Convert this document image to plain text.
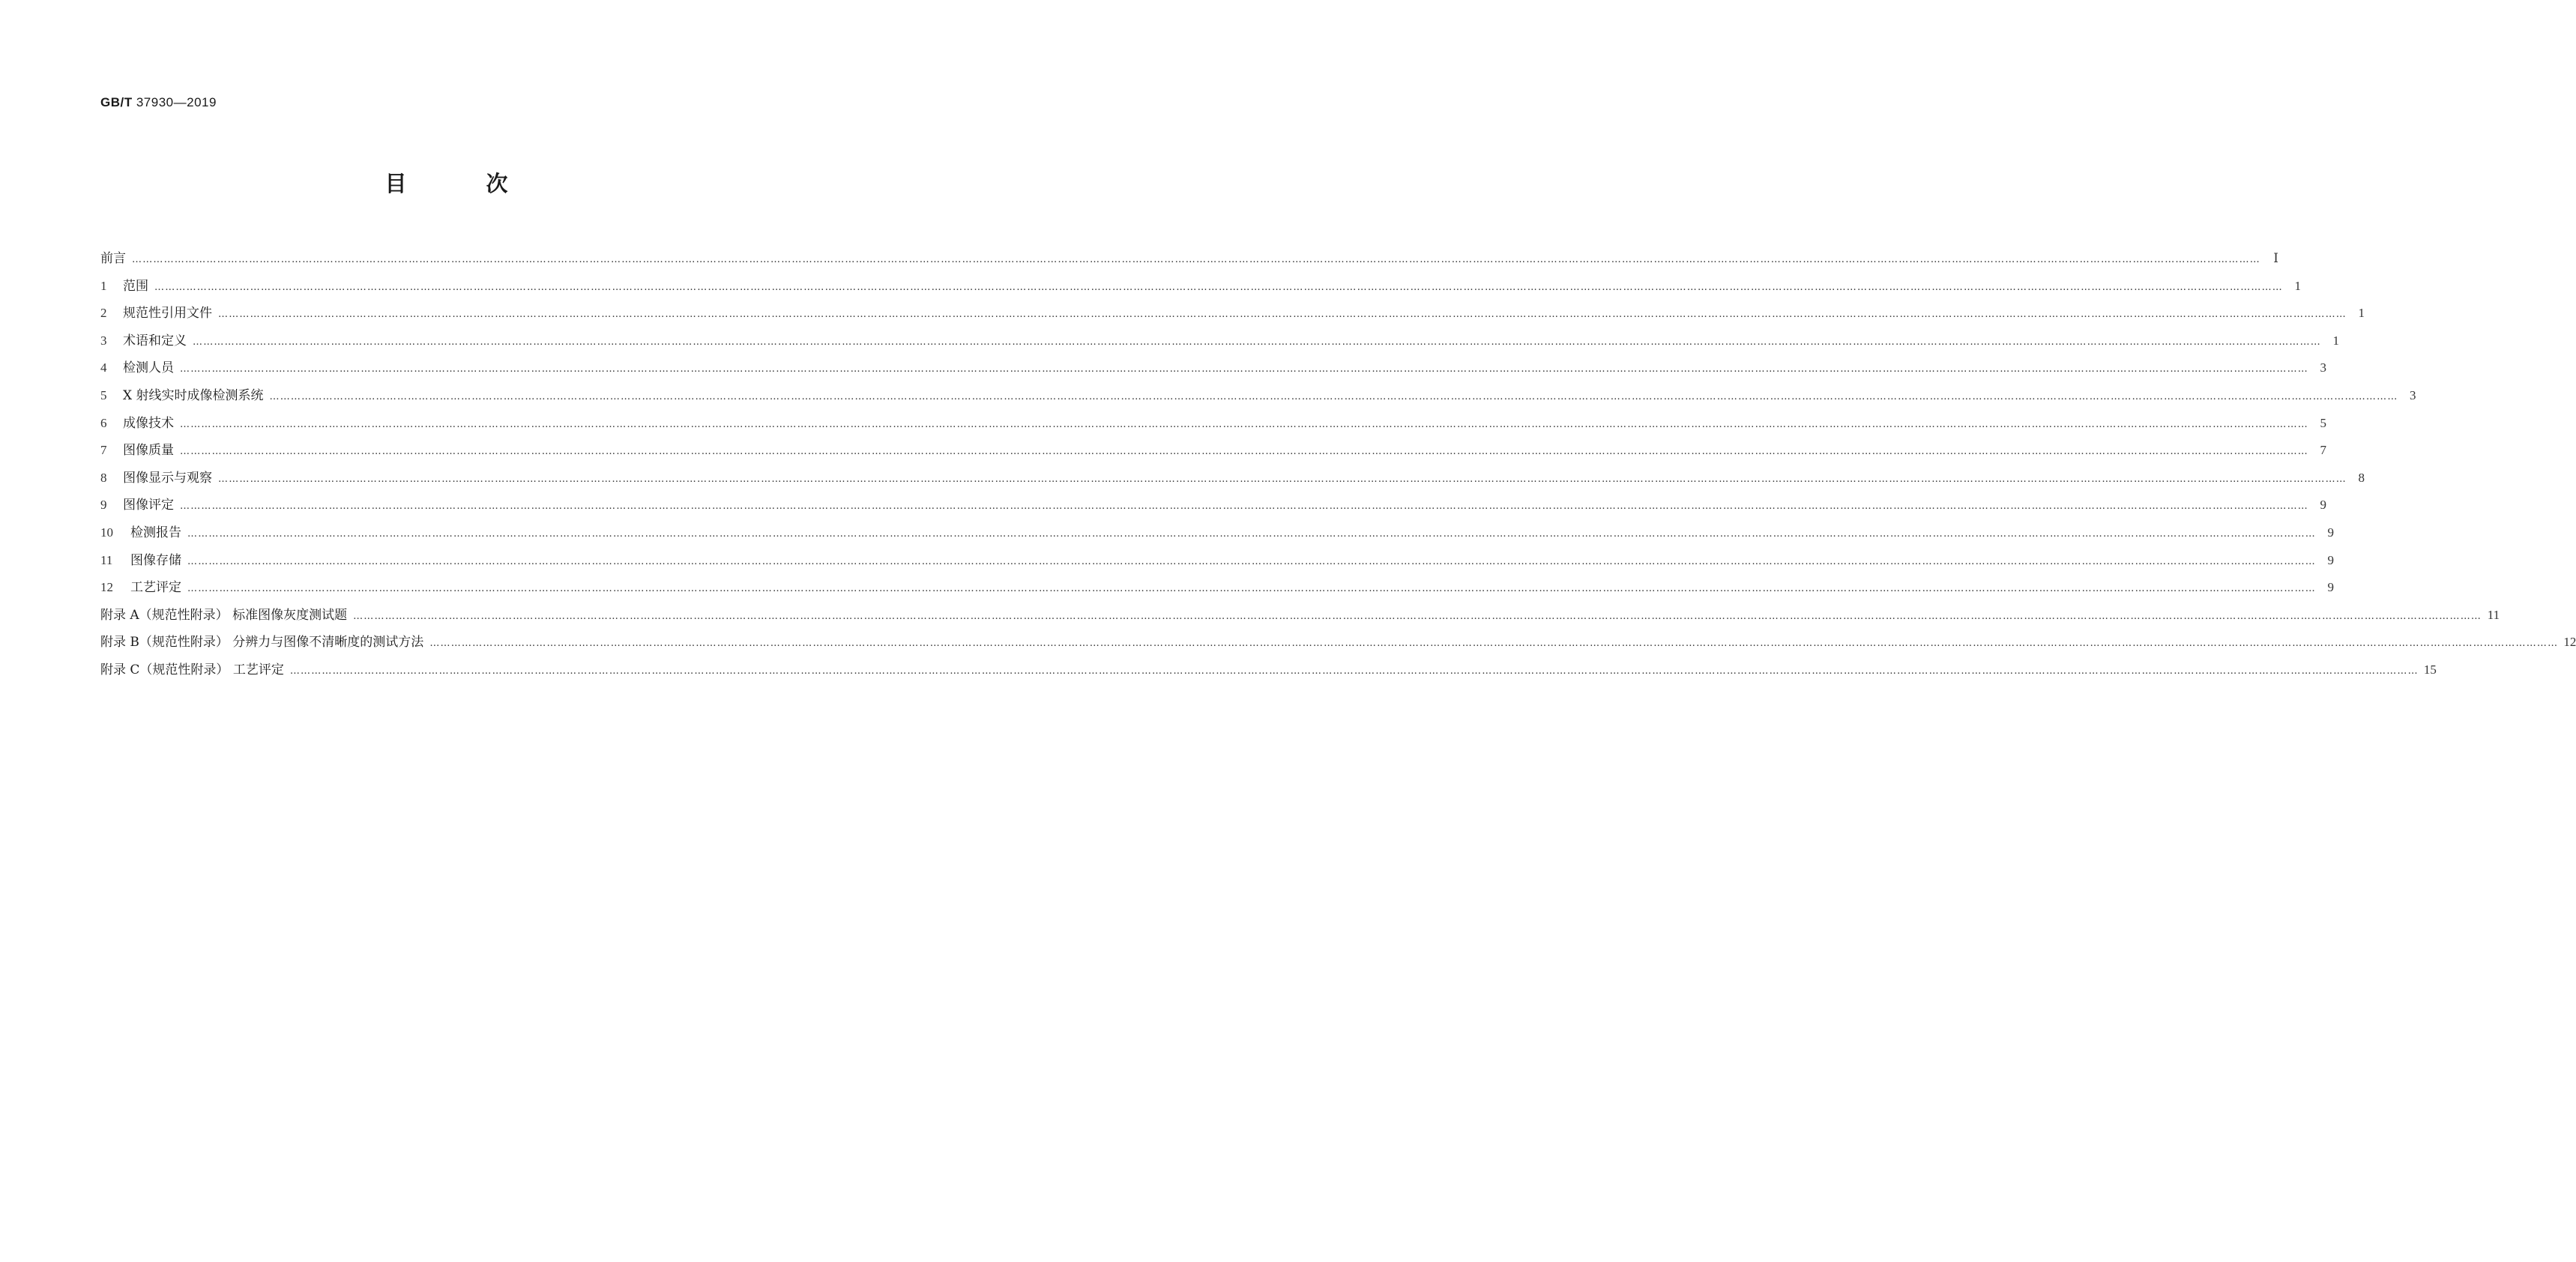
GB/T 37930—2019
目 次
前言 ……………………………………………………………………………………………………………………………………………………………………………………………………………………………………………………………………………………………………………………………………………………………………………………………………………………………………………………………………………………………………………………………………………………	Ⅰ
1 范围 …………………………………………………………………………………………………………………………………………………………………………………………………………………………………………………………………………………………………………………………………………………………………………………………………………………………………………………………………………………………………………………………………………………… 1
2 规范性引用文件 …………………………………………………………………………………………………………………………………………………………………………………………………………………………………………………………………………………………………………………………………………………………………………………………………………………………………………………………………………………………………………………………………………………… 1
3 术语和定义 …………………………………………………………………………………………………………………………………………………………………………………………………………………………………………………………………………………………………………………………………………………………………………………………………………………………………………………………………………………………………………………………………………………… 1
4 检测人员 …………………………………………………………………………………………………………………………………………………………………………………………………………………………………………………………………………………………………………………………………………………………………………………………………………………………………………………………………………………………………………………………………………………… 3
5 X 射线实时成像检测系统 …………………………………………………………………………………………………………………………………………………………………………………………………………………………………………………………………………………………………………………………………………………………………………………………………………………………………………………………………………………………………………………………………………………… 3
6 成像技术 …………………………………………………………………………………………………………………………………………………………………………………………………………………………………………………………………………………………………………………………………………………………………………………………………………………………………………………………………………………………………………………………………………………… 5
7 图像质量 …………………………………………………………………………………………………………………………………………………………………………………………………………………………………………………………………………………………………………………………………………………………………………………………………………………………………………………………………………………………………………………………………………………… 7
8 图像显示与观察 …………………………………………………………………………………………………………………………………………………………………………………………………………………………………………………………………………………………………………………………………………………………………………………………………………………………………………………………………………………………………………………………………………………… 8
9 图像评定 …………………………………………………………………………………………………………………………………………………………………………………………………………………………………………………………………………………………………………………………………………………………………………………………………………………………………………………………………………………………………………………………………………………… 9
10 检测报告 …………………………………………………………………………………………………………………………………………………………………………………………………………………………………………………………………………………………………………………………………………………………………………………………………………………………………………………………………………………………………………………………………………………… 9
11 图像存储 …………………………………………………………………………………………………………………………………………………………………………………………………………………………………………………………………………………………………………………………………………………………………………………………………………………………………………………………………………………………………………………………………………………… 9
12 工艺评定 …………………………………………………………………………………………………………………………………………………………………………………………………………………………………………………………………………………………………………………………………………………………………………………………………………………………………………………………………………………………………………………………………………………… 9
附录 A（规范性附录） 标准图像灰度测试题 …………………………………………………………………………………………………………………………………………………………………………………………………………………………………………………………………………………………………………………………………………………………………………………………………………………………………………………………………………………………………………………………………………………… 11
附录 B（规范性附录） 分辨力与图像不清晰度的测试方法 …………………………………………………………………………………………………………………………………………………………………………………………………………………………………………………………………………………………………………………………………………………………………………………………………………………………………………………………………………………………………………………………………………………… 12
附录 C（规范性附录） 工艺评定 …………………………………………………………………………………………………………………………………………………………………………………………………………………………………………………………………………………………………………………………………………………………………………………………………………………………………………………………………………………………………………………………………………………… 15
